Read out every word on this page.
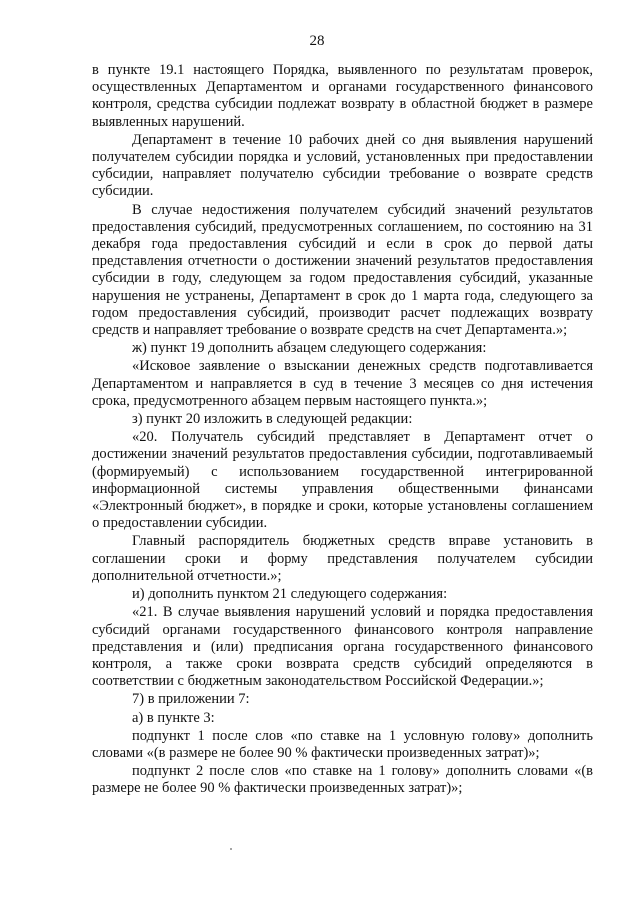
28

в пункте 19.1 настоящего Порядка, выявленного по результатам проверок, осуществленных Департаментом и органами государственного финансового контроля, средства субсидии подлежат возврату в областной бюджет в размере выявленных нарушений.

Департамент в течение 10 рабочих дней со дня выявления нарушений получателем субсидии порядка и условий, установленных при предоставлении субсидии, направляет получателю субсидии требование о возврате средств субсидии.

В случае недостижения получателем субсидий значений результатов предоставления субсидий, предусмотренных соглашением, по состоянию на 31 декабря года предоставления субсидий и если в срок до первой даты представления отчетности о достижении значений результатов предоставления субсидии в году, следующем за годом предоставления субсидий, указанные нарушения не устранены, Департамент в срок до 1 марта года, следующего за годом предоставления субсидий, производит расчет подлежащих возврату средств и направляет требование о возврате средств на счет Департамента.»;

ж) пункт 19 дополнить абзацем следующего содержания:

«Исковое заявление о взыскании денежных средств подготавливается Департаментом и направляется в суд в течение 3 месяцев со дня истечения срока, предусмотренного абзацем первым настоящего пункта.»;

з) пункт 20 изложить в следующей редакции:

«20. Получатель субсидий представляет в Департамент отчет о достижении значений результатов предоставления субсидии, подготавливаемый (формируемый) с использованием государственной интегрированной информационной системы управления общественными финансами «Электронный бюджет», в порядке и сроки, которые установлены соглашением о предоставлении субсидии.

Главный распорядитель бюджетных средств вправе установить в соглашении сроки и форму представления получателем субсидии дополнительной отчетности.»;

и) дополнить пунктом 21 следующего содержания:

«21. В случае выявления нарушений условий и порядка предоставления субсидий органами государственного финансового контроля направление представления и (или) предписания органа государственного финансового контроля, а также сроки возврата средств субсидий определяются в соответствии с бюджетным законодательством Российской Федерации.»;

7) в приложении 7:

а) в пункте 3:

подпункт 1 после слов «по ставке на 1 условную голову» дополнить словами «(в размере не более 90 % фактически произведенных затрат)»;

подпункт 2 после слов «по ставке на 1 голову» дополнить словами «(в размере не более 90 % фактически произведенных затрат)»;
